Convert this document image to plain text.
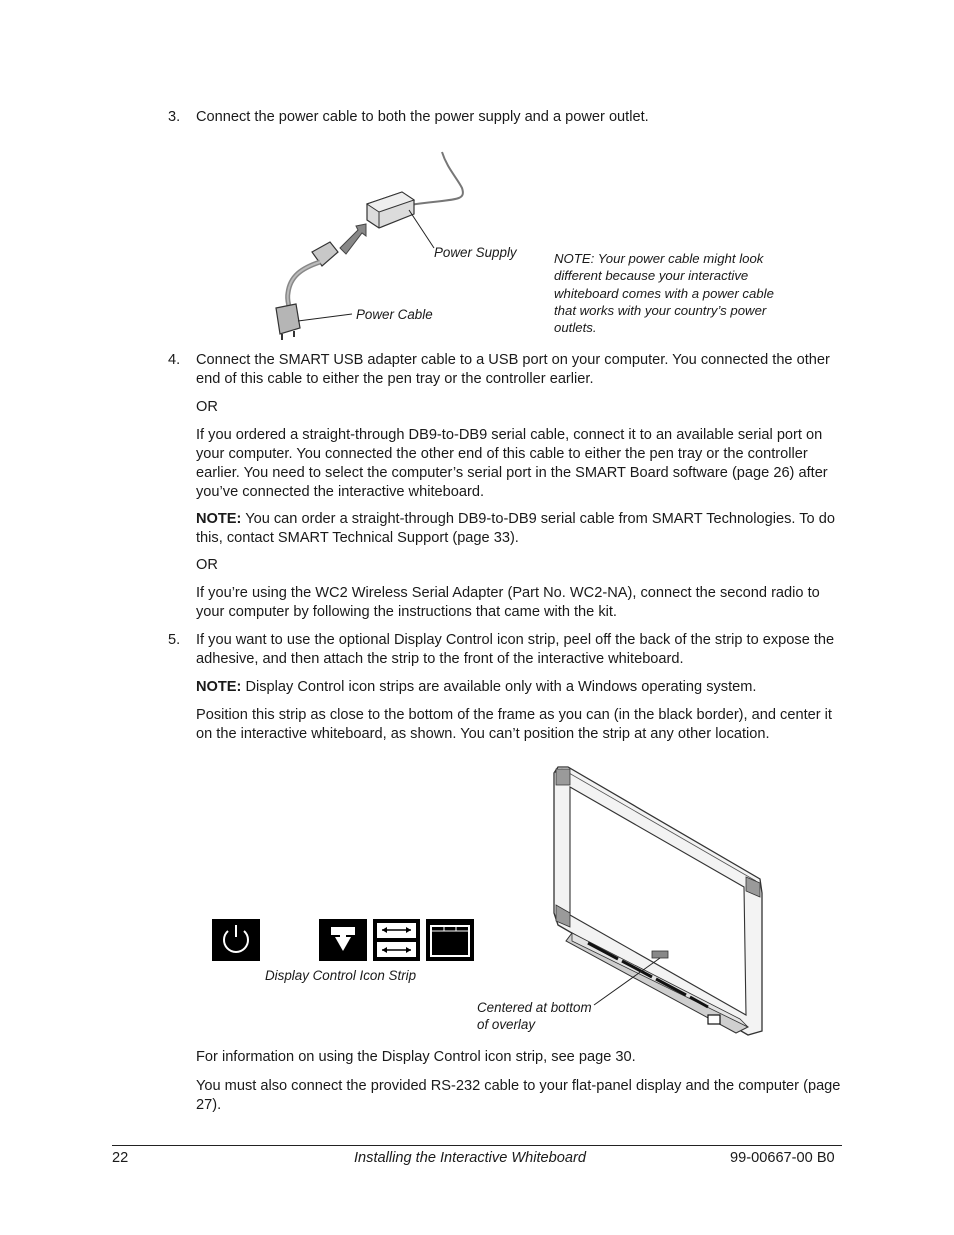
3. Connect the power cable to both the power supply and a power outlet.
Power Supply
Power Cable
NOTE: Your power cable might look different because your interactive whiteboard comes with a power cable that works with your country’s power outlets.
4. Connect the SMART USB adapter cable to a USB port on your computer. You connected the other end of this cable to either the pen tray or the controller earlier.
OR
If you ordered a straight-through DB9-to-DB9 serial cable, connect it to an available serial port on your computer. You connected the other end of this cable to either the pen tray or the controller earlier. You need to select the computer’s serial port in the SMART Board software (page 26) after you’ve connected the interactive whiteboard.
NOTE: You can order a straight-through DB9-to-DB9 serial cable from SMART Technologies. To do this, contact SMART Technical Support (page 33).
OR
If you’re using the WC2 Wireless Serial Adapter (Part No. WC2-NA), connect the second radio to your computer by following the instructions that came with the kit.
5. If you want to use the optional Display Control icon strip, peel off the back of the strip to expose the adhesive, and then attach the strip to the front of the interactive whiteboard.
NOTE: Display Control icon strips are available only with a Windows operating system.
Position this strip as close to the bottom of the frame as you can (in the black border), and center it on the interactive whiteboard, as shown. You can’t position the strip at any other location.
Display Control Icon Strip
Centered at bottom
of overlay
For information on using the Display Control icon strip, see page 30.
You must also connect the provided RS-232 cable to your flat-panel display and the computer (page 27).
22	Installing the Interactive Whiteboard	99-00667-00 B0
